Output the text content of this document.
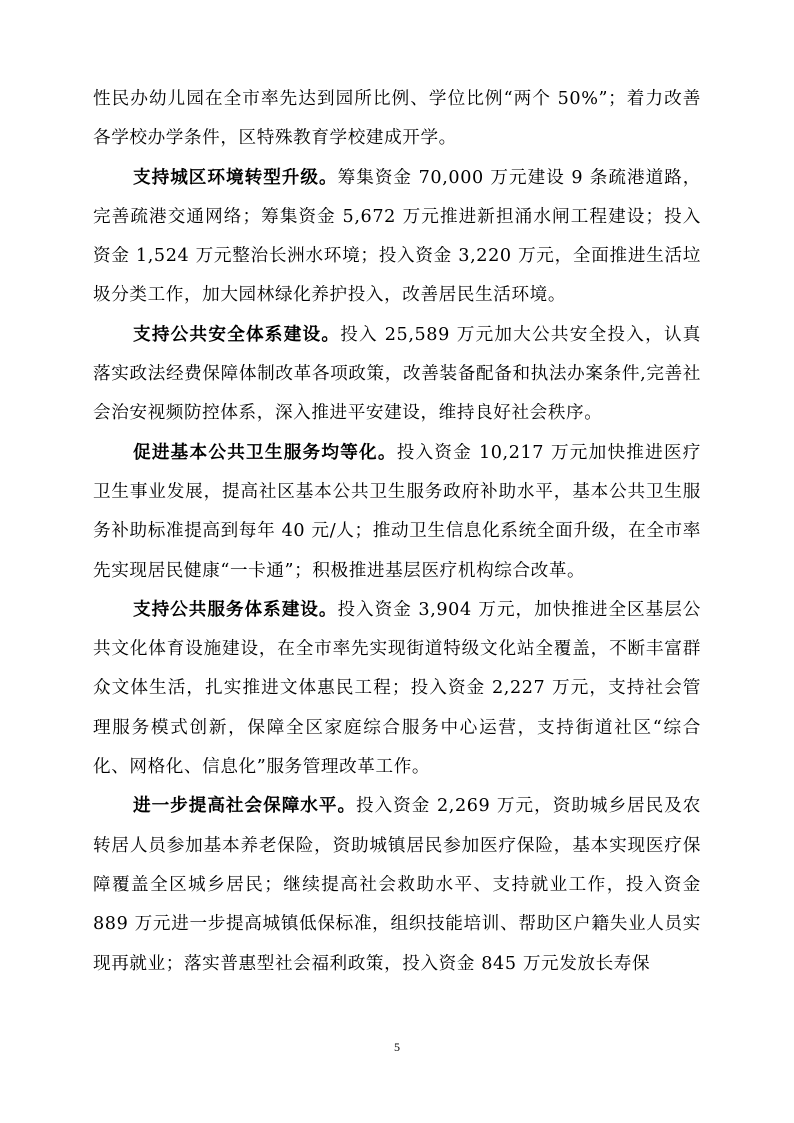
性民办幼儿园在全市率先达到园所比例、学位比例“两个 50%”；着力改善各学校办学条件，区特殊教育学校建成开学。

支持城区环境转型升级。筹集资金 70,000 万元建设 9 条疏港道路，完善疏港交通网络；筹集资金 5,672 万元推进新担涌水闸工程建设；投入资金 1,524 万元整治长洲水环境；投入资金 3,220 万元，全面推进生活垃圾分类工作，加大园林绿化养护投入，改善居民生活环境。

支持公共安全体系建设。投入 25,589 万元加大公共安全投入，认真落实政法经费保障体制改革各项政策，改善装备配备和执法办案条件,完善社会治安视频防控体系，深入推进平安建设，维持良好社会秩序。

促进基本公共卫生服务均等化。投入资金 10,217 万元加快推进医疗卫生事业发展，提高社区基本公共卫生服务政府补助水平，基本公共卫生服务补助标准提高到每年 40 元/人；推动卫生信息化系统全面升级，在全市率先实现居民健康“一卡通”；积极推进基层医疗机构综合改革。

支持公共服务体系建设。投入资金 3,904 万元，加快推进全区基层公共文化体育设施建设，在全市率先实现街道特级文化站全覆盖，不断丰富群众文体生活，扎实推进文体惠民工程；投入资金 2,227 万元，支持社会管理服务模式创新，保障全区家庭综合服务中心运营，支持街道社区“综合化、网格化、信息化”服务管理改革工作。

进一步提高社会保障水平。投入资金 2,269 万元，资助城乡居民及农转居人员参加基本养老保险，资助城镇居民参加医疗保险，基本实现医疗保障覆盖全区城乡居民；继续提高社会救助水平、支持就业工作，投入资金 889 万元进一步提高城镇低保标准，组织技能培训、帮助区户籍失业人员实现再就业；落实普惠型社会福利政策，投入资金 845 万元发放长寿保

5
